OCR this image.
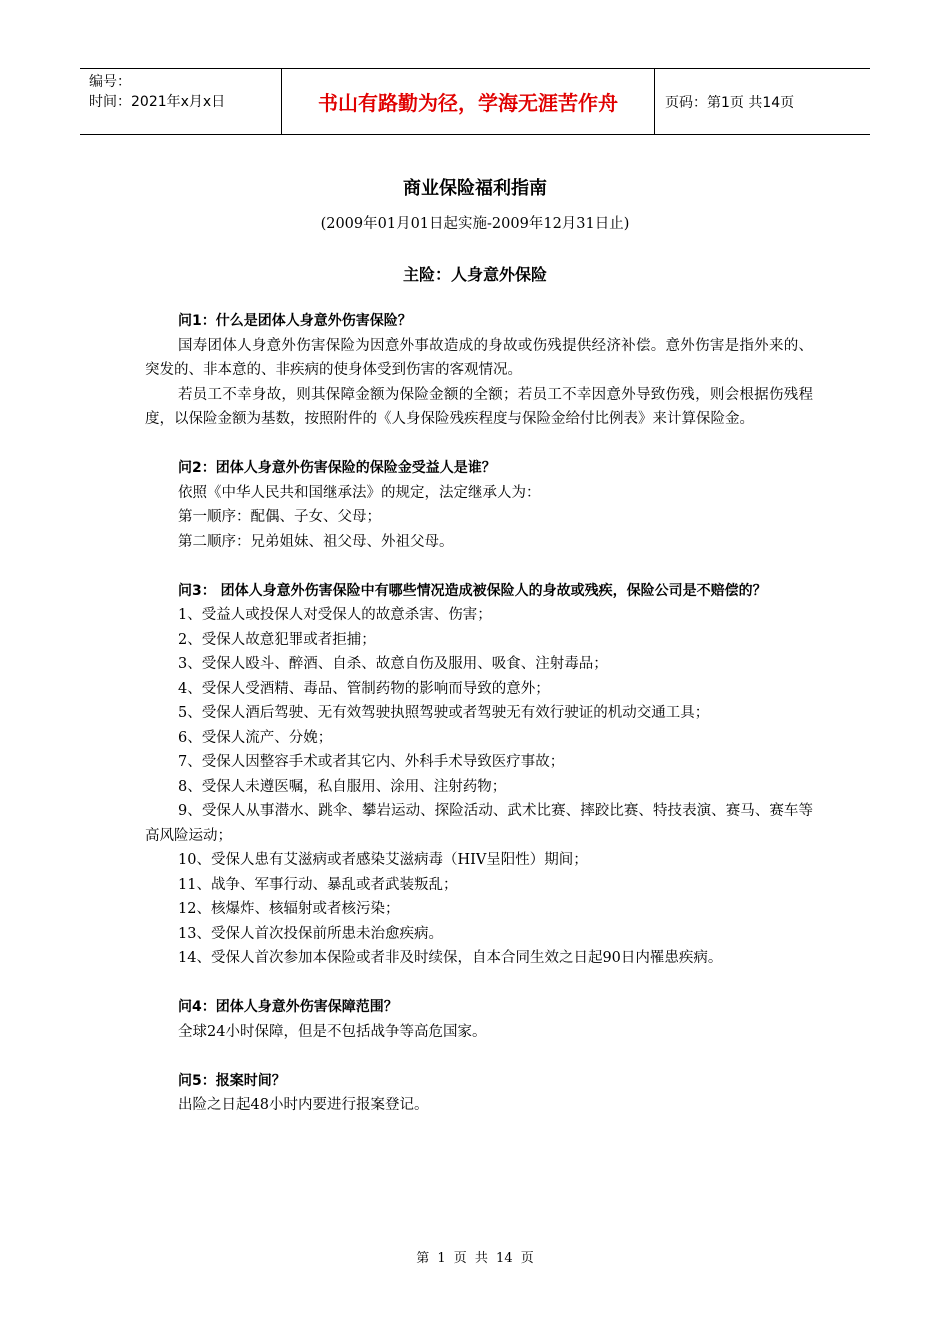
编号：
时间：2021年x月x日	书山有路勤为径，学海无涯苦作舟	页码：第1页 共14页
商业保险福利指南
(2009年01月01日起实施-2009年12月31日止)
主险：人身意外保险

问1：什么是团体人身意外伤害保险？

国寿团体人身意外伤害保险为因意外事故造成的身故或伤残提供经济补偿。意外伤害是指外来的、突发的、非本意的、非疾病的使身体受到伤害的客观情况。

若员工不幸身故，则其保障金额为保险金额的全额；若员工不幸因意外导致伤残，则会根据伤残程度，以保险金额为基数，按照附件的《人身保险残疾程度与保险金给付比例表》来计算保险金。

问2：团体人身意外伤害保险的保险金受益人是谁？

依照《中华人民共和国继承法》的规定，法定继承人为：

第一顺序：配偶、子女、父母；

第二顺序：兄弟姐妹、祖父母、外祖父母。

问3： 团体人身意外伤害保险中有哪些情况造成被保险人的身故或残疾，保险公司是不赔偿的？

1、受益人或投保人对受保人的故意杀害、伤害；

2、受保人故意犯罪或者拒捕；

3、受保人殴斗、醉酒、自杀、故意自伤及服用、吸食、注射毒品；

4、受保人受酒精、毒品、管制药物的影响而导致的意外；

5、受保人酒后驾驶、无有效驾驶执照驾驶或者驾驶无有效行驶证的机动交通工具；

6、受保人流产、分娩；

7、受保人因整容手术或者其它内、外科手术导致医疗事故；

8、受保人未遵医嘱，私自服用、涂用、注射药物；

9、受保人从事潜水、跳伞、攀岩运动、探险活动、武术比赛、摔跤比赛、特技表演、赛马、赛车等高风险运动；

10、受保人患有艾滋病或者感染艾滋病毒（HIV呈阳性）期间；

11、战争、军事行动、暴乱或者武装叛乱；

12、核爆炸、核辐射或者核污染；

13、受保人首次投保前所患未治愈疾病。

14、受保人首次参加本保险或者非及时续保，自本合同生效之日起90日内罹患疾病。

问4：团体人身意外伤害保障范围？

全球24小时保障，但是不包括战争等高危国家。

问5：报案时间？

出险之日起48小时内要进行报案登记。

第 1 页 共 14 页
